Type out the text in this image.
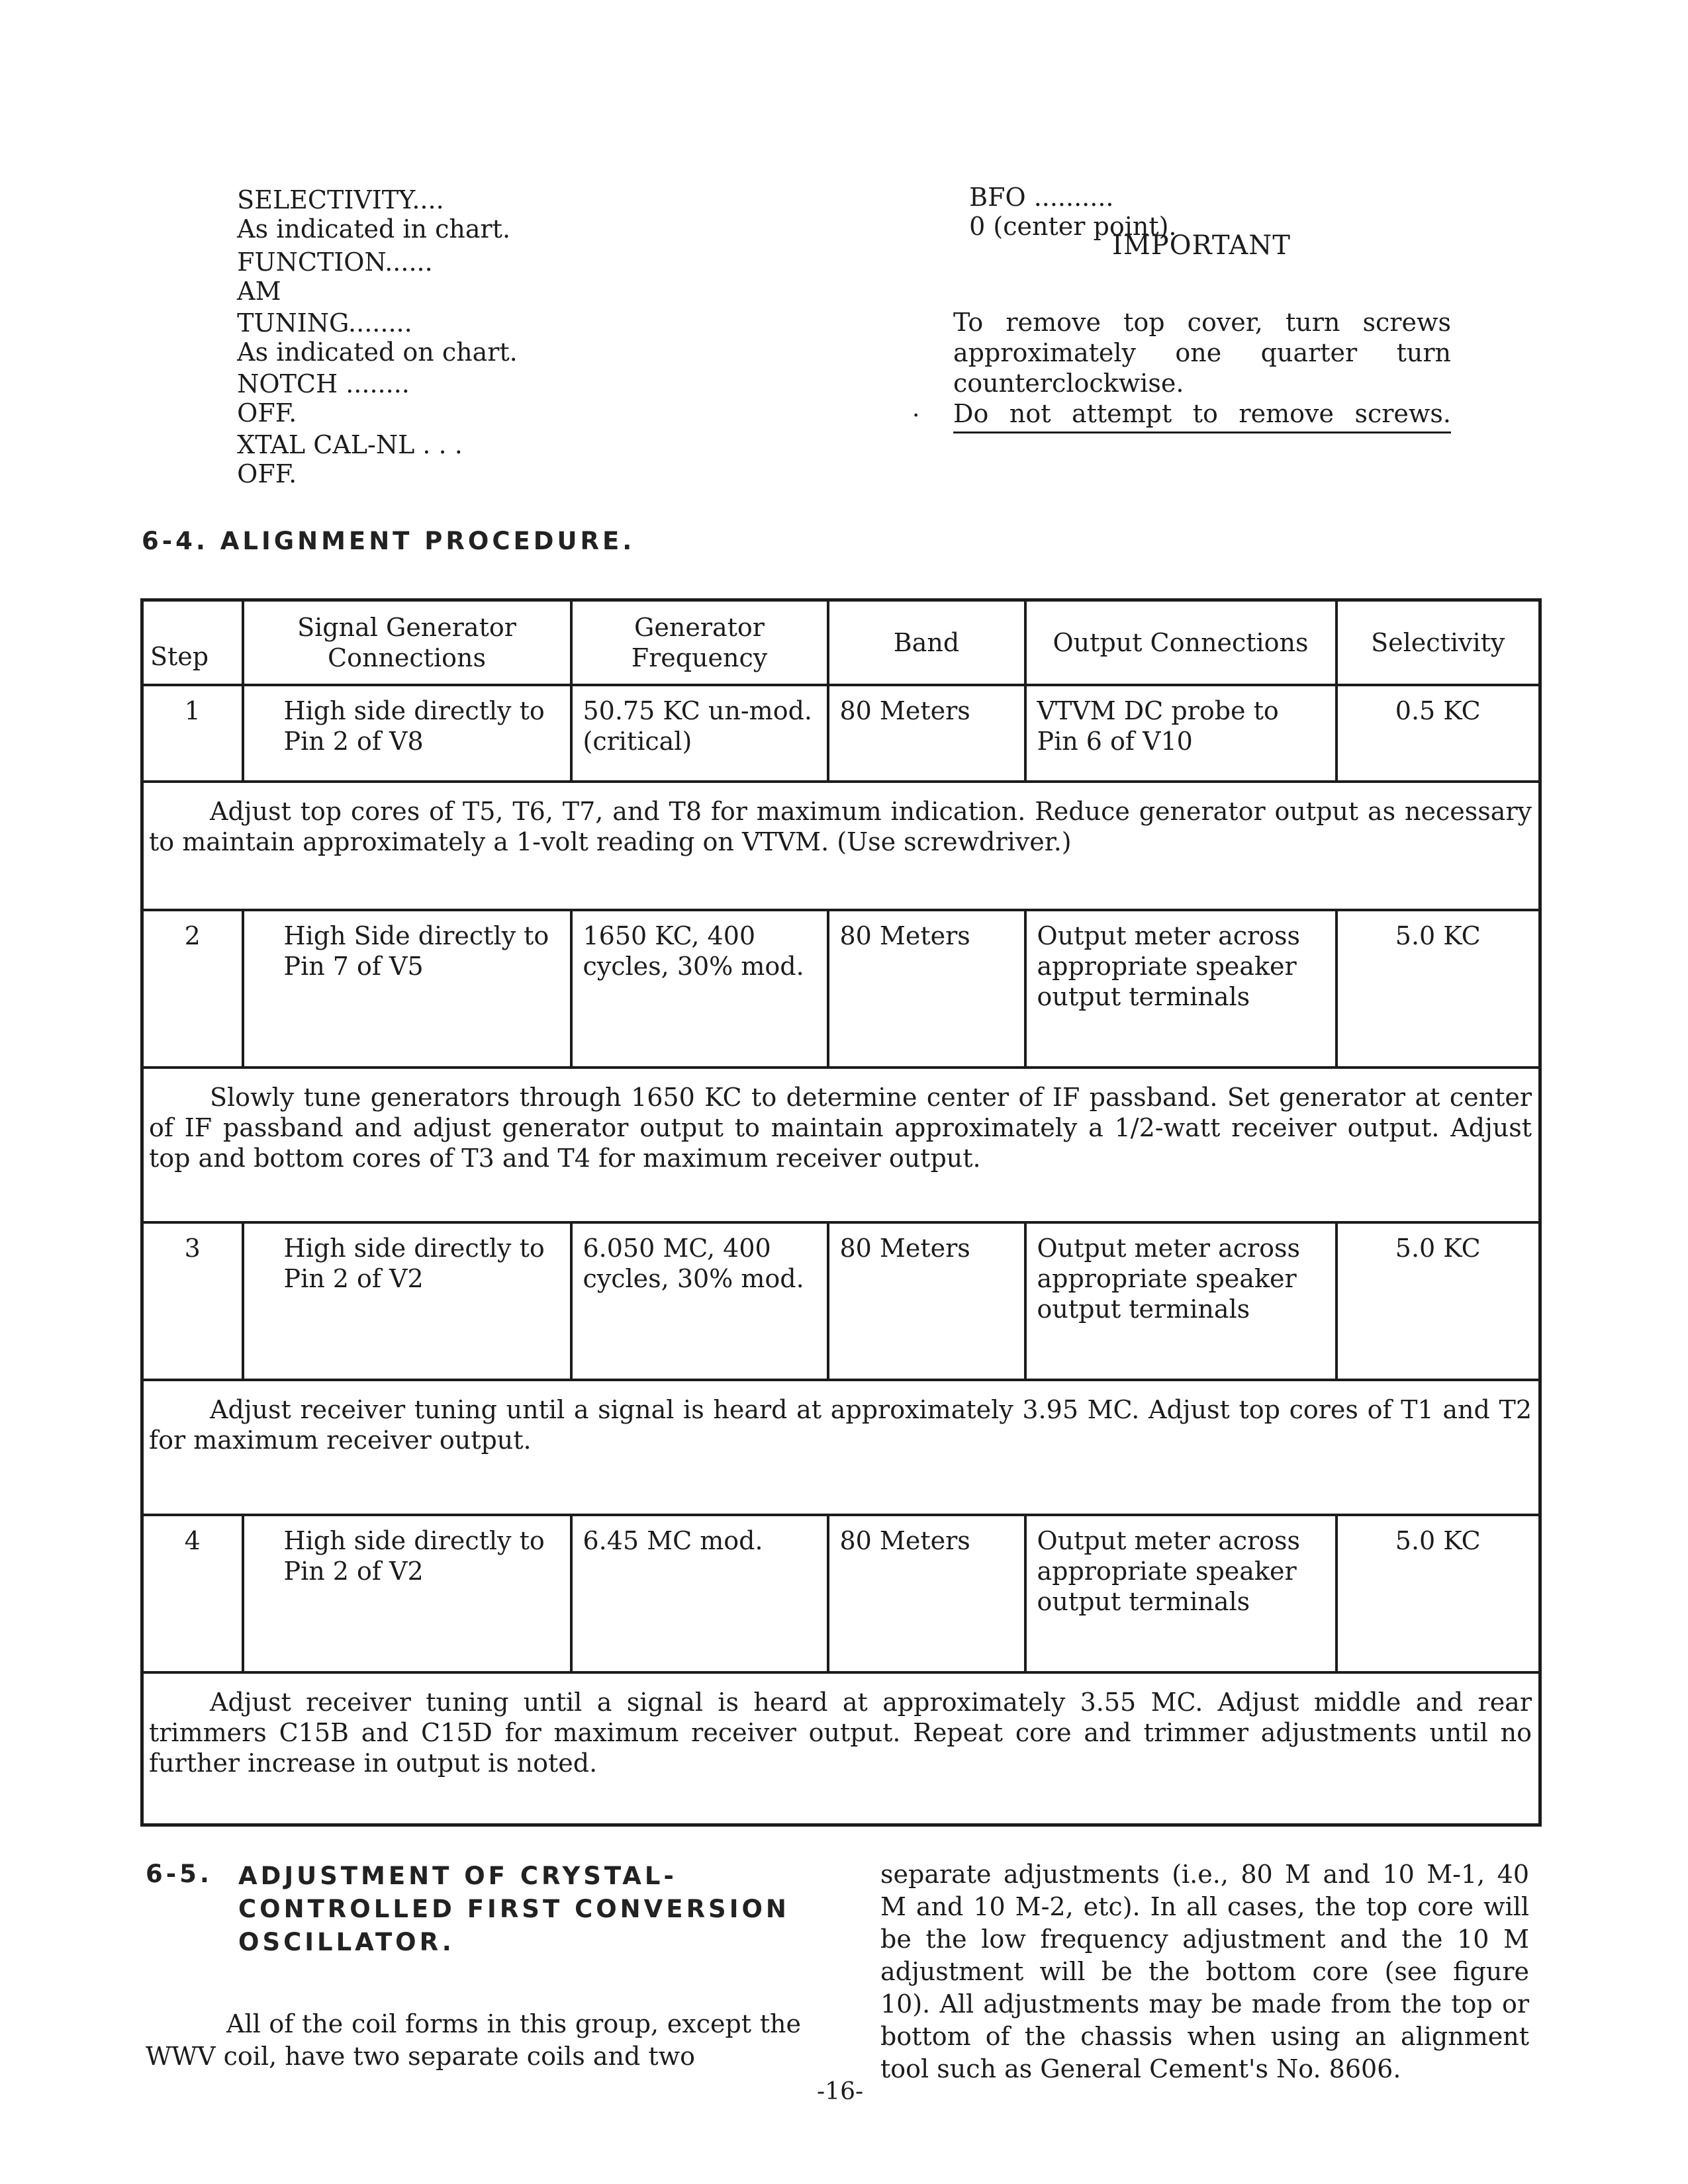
SELECTIVITY....
As indicated in chart.

FUNCTION......
AM

TUNING........
As indicated on chart.

NOTCH ........
OFF.

XTAL CAL-NL . . .
OFF.

BFO ..........
0 (center point).

IMPORTANT
To remove top cover, turn screws approximately one quarter turn counterclockwise.
· Do not attempt to remove screws.
6-4. ALIGNMENT PROCEDURE.
Step	Signal Generator Connections	Generator Frequency	Band	Output Connections	Selectivity
1	High side directly to Pin 2 of V8	50.75 KC un-mod. (critical)	80 Meters	VTVM DC probe to Pin 6 of V10	0.5 KC

Adjust top cores of T5, T6, T7, and T8 for maximum indication. Reduce generator output as necessary to maintain approximately a 1-volt reading on VTVM. (Use screwdriver.)					

2	High Side directly to Pin 7 of V5	1650 KC, 400 cycles, 30% mod.	80 Meters	Output meter across appropriate speaker output terminals	5.0 KC

Slowly tune generators through 1650 KC to determine center of IF passband. Set generator at center of IF passband and adjust generator output to maintain approximately a 1/2-watt receiver output. Adjust top and bottom cores of T3 and T4 for maximum receiver output.					

3	High side directly to Pin 2 of V2	6.050 MC, 400 cycles, 30% mod.	80 Meters	Output meter across appropriate speaker output terminals	5.0 KC

Adjust receiver tuning until a signal is heard at approximately 3.95 MC. Adjust top cores of T1 and T2 for maximum receiver output.					

4	High side directly to Pin 2 of V2	6.45 MC mod.	80 Meters	Output meter across appropriate speaker output terminals	5.0 KC

Adjust receiver tuning until a signal is heard at approximately 3.55 MC. Adjust middle and rear trimmers C15B and C15D for maximum receiver output. Repeat core and trimmer adjustments until no further increase in output is noted.					
6-5. ADJUSTMENT OF CRYSTAL-
CONTROLLED FIRST CONVERSION
OSCILLATOR.
All of the coil forms in this group, except the WWV coil, have two separate coils and two
separate adjustments (i.e., 80 M and 10 M-1, 40 M and 10 M-2, etc). In all cases, the top core will be the low frequency adjustment and the 10 M adjustment will be the bottom core (see figure 10). All adjustments may be made from the top or bottom of the chassis when using an alignment tool such as General Cement's No. 8606.
-16-
